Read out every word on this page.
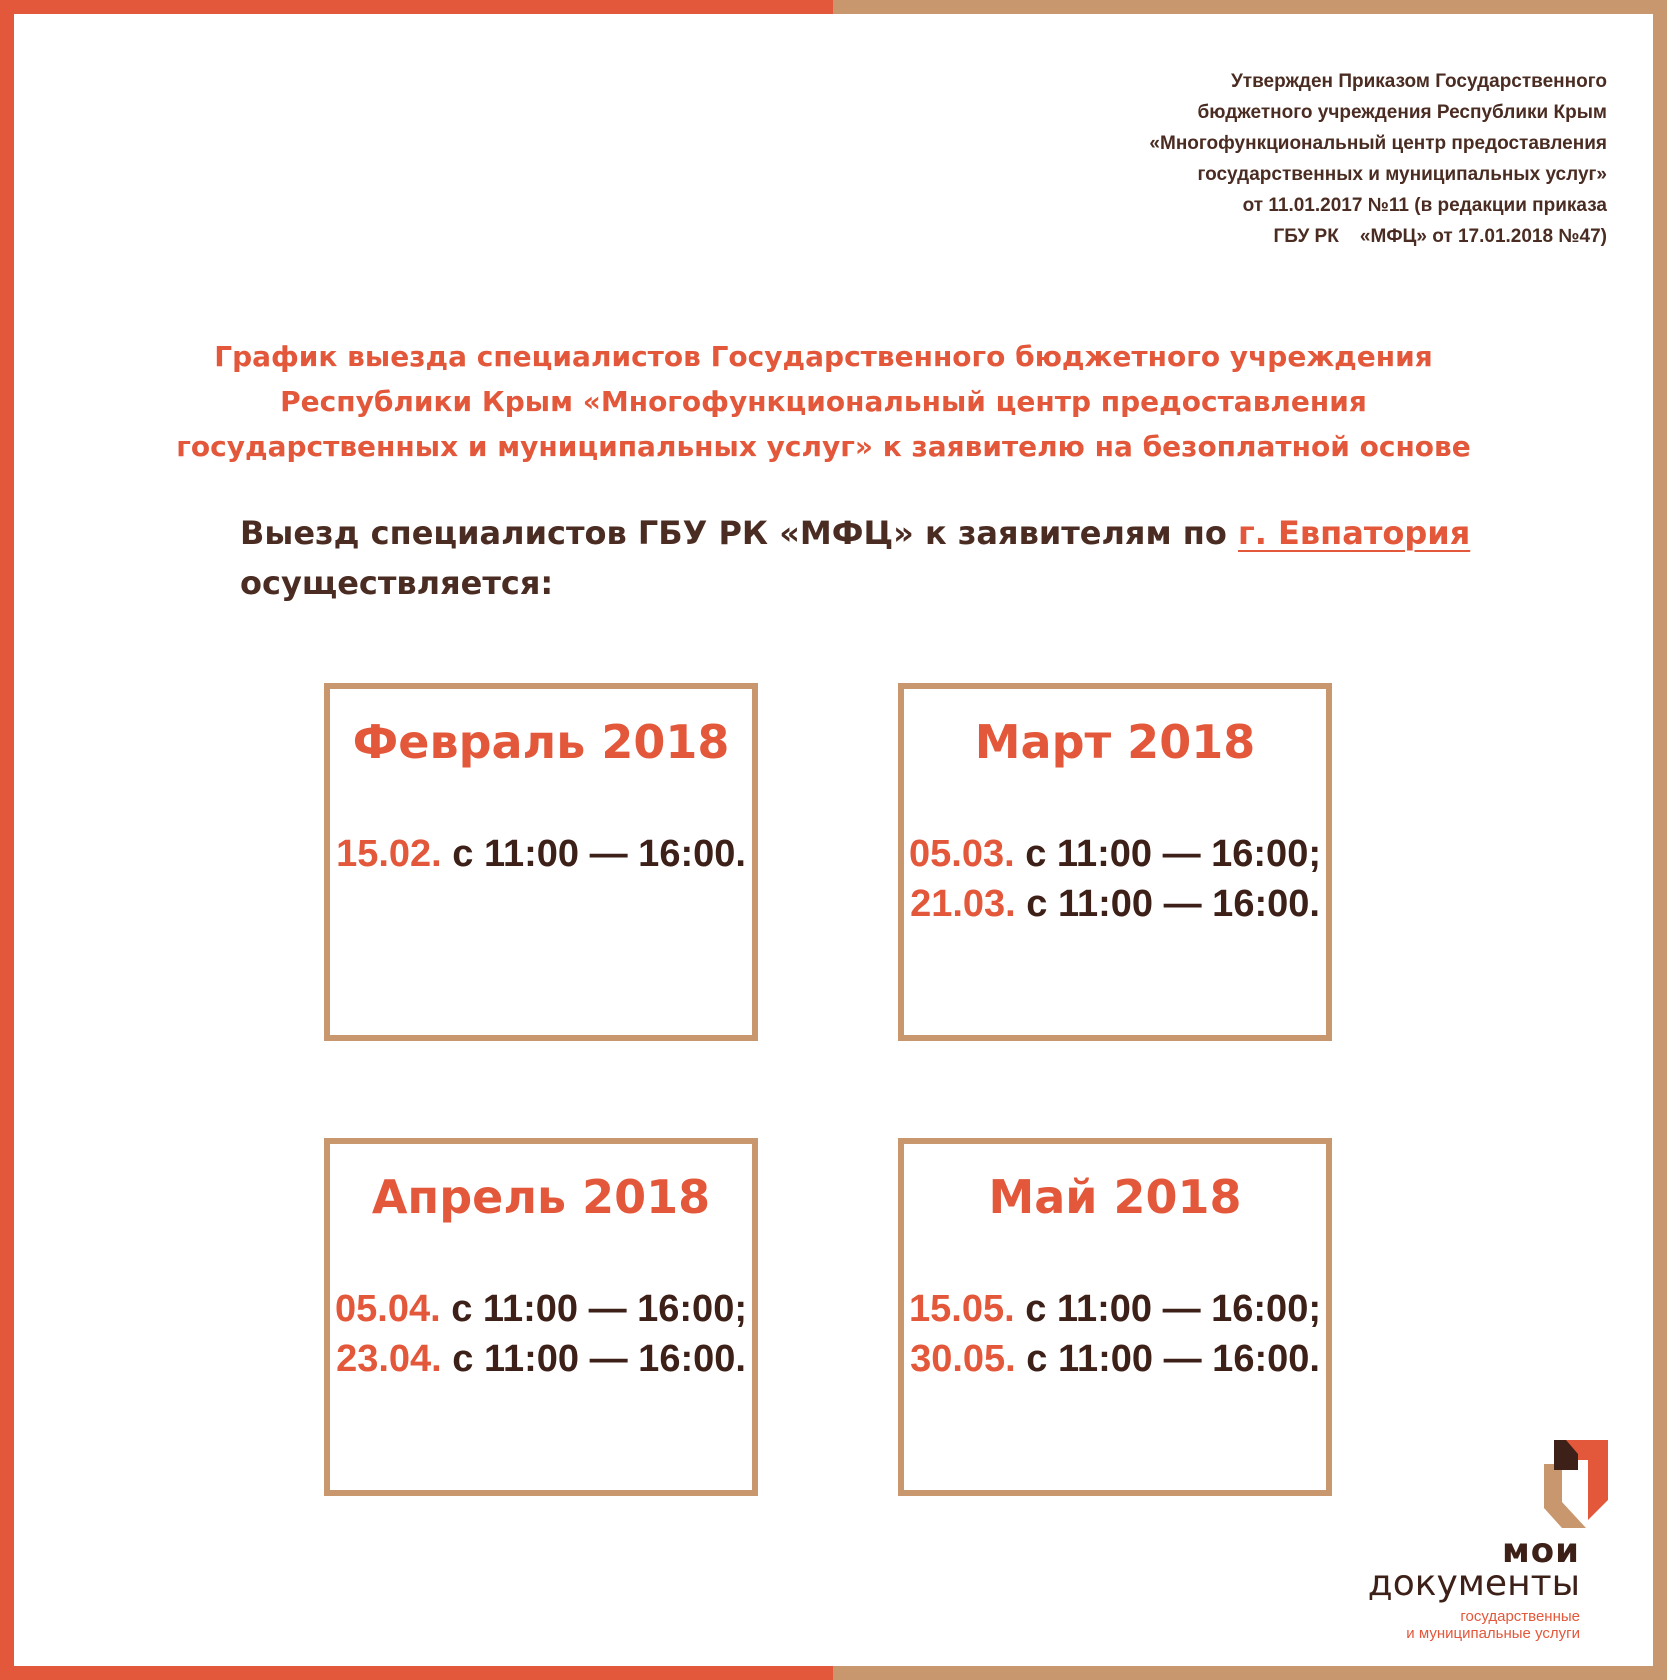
Утвержден Приказом Государственного
бюджетного учреждения Республики Крым
«Многофункциональный центр предоставления
государственных и муниципальных услуг»
от 11.01.2017 №11 (в редакции приказа
ГБУ РК    «МФЦ» от 17.01.2018 №47)
График выезда специалистов Государственного бюджетного учреждения
Республики Крым «Многофункциональный центр предоставления
государственных и муниципальных услуг» к заявителю на безоплатной основе
Выезд специалистов ГБУ РК «МФЦ» к заявителям по г. Евпатория
осуществляется:
Февраль 2018
15.02. с 11:00 — 16:00.
Март 2018
05.03. с 11:00 — 16:00;
21.03. с 11:00 — 16:00.
Апрель 2018
05.04. с 11:00 — 16:00;
23.04. с 11:00 — 16:00.
Май 2018
15.05. с 11:00 — 16:00;
30.05. с 11:00 — 16:00.
мои
документы
государственные
и муниципальные услуги
